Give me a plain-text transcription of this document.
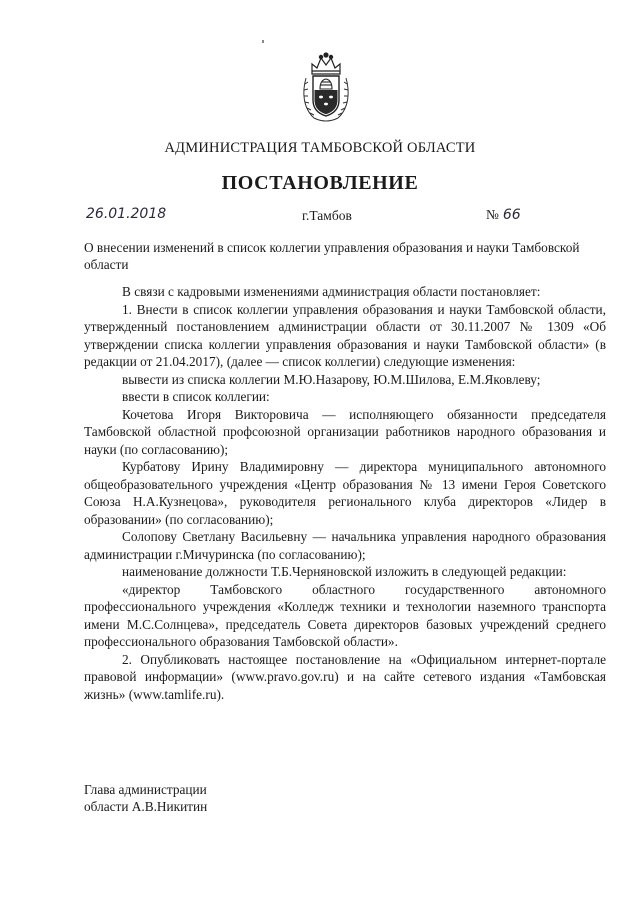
АДМИНИСТРАЦИЯ ТАМБОВСКОЙ ОБЛАСТИ
ПОСТАНОВЛЕНИЕ
26.01.2018	г.Тамбов	№ 66
О внесении изменений в список коллегии управления образования и науки Тамбовской области

В связи с кадровыми изменениями администрация области постановляет:

1. Внести в список коллегии управления образования и науки Тамбовской области, утвержденный постановлением администрации области от 30.11.2007 № 1309 «Об утверждении списка коллегии управления образования и науки Тамбовской области» (в редакции от 21.04.2017), (далее — список коллегии) следующие изменения:

вывести из списка коллегии М.Ю.Назарову, Ю.М.Шилова, Е.М.Яковлеву;

ввести в список коллегии:

Кочетова Игоря Викторовича — исполняющего обязанности председателя Тамбовской областной профсоюзной организации работников народного образования и науки (по согласованию);

Курбатову Ирину Владимировну — директора муниципального автономного общеобразовательного учреждения «Центр образования № 13 имени Героя Советского Союза Н.А.Кузнецова», руководителя регионального клуба директоров «Лидер в образовании» (по согласованию);

Солопову Светлану Васильевну — начальника управления народного образования администрации г.Мичуринска (по согласованию);

наименование должности Т.Б.Черняновской изложить в следующей редакции:

«директор Тамбовского областного государственного автономного профессионального учреждения «Колледж техники и технологии наземного транспорта имени М.С.Солнцева», председатель Совета директоров базовых учреждений среднего профессионального образования Тамбовской области».

2. Опубликовать настоящее постановление на «Официальном интернет-портале правовой информации» (www.pravo.gov.ru) и на сайте сетевого издания «Тамбовская жизнь» (www.tamlife.ru).

Глава администрации
области А.В.Никитин
